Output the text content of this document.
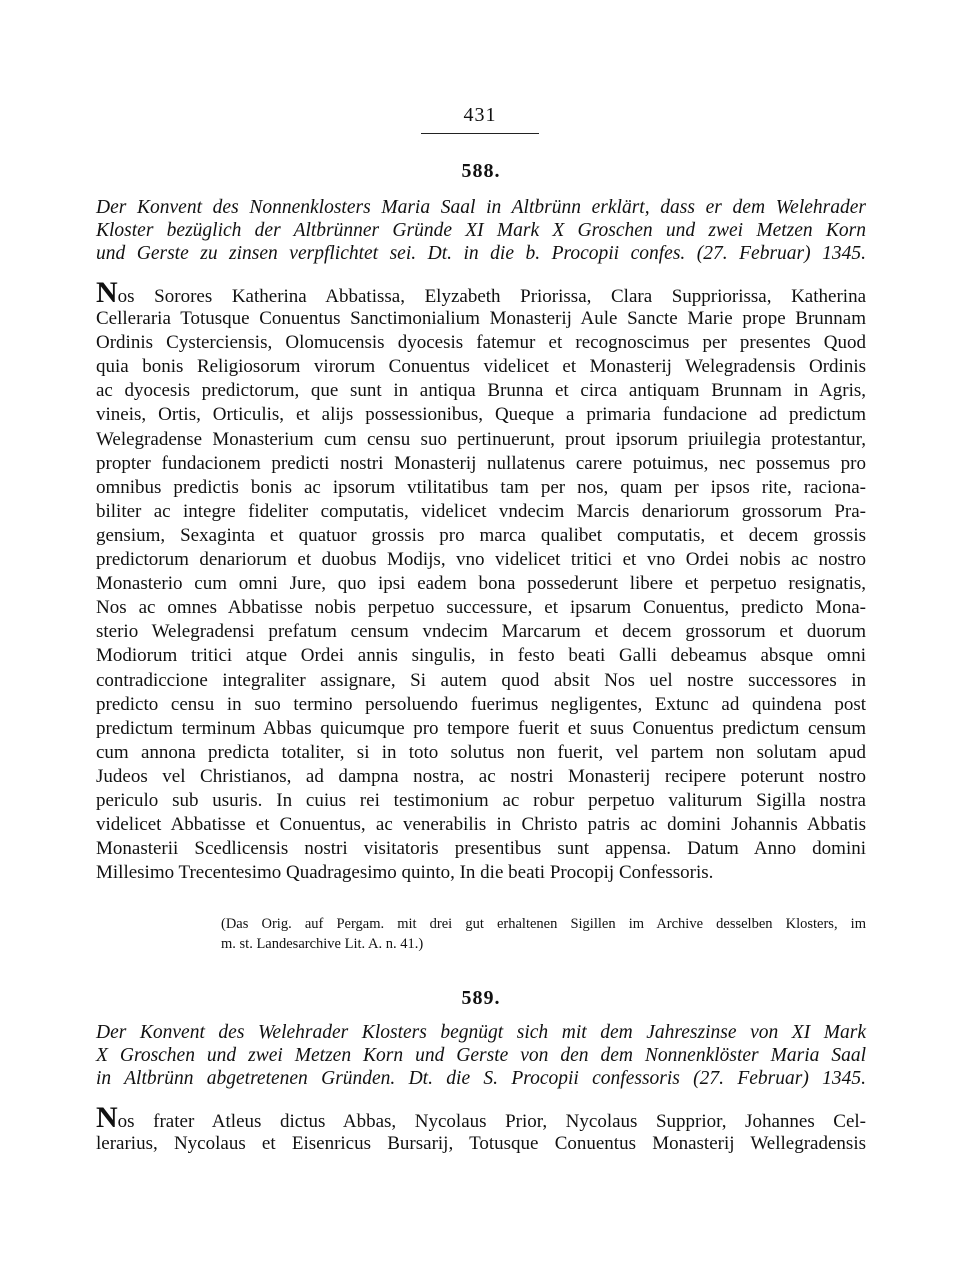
431
588.
Der Konvent des Nonnenklosters Maria Saal in Altbrünn erklärt, dass er dem Welehrader
Kloster bezüglich der Altbrünner Gründe XI Mark X Groschen und zwei Metzen Korn
und Gerste zu zinsen verpflichtet sei. Dt. in die b. Procopii confes. (27. Februar) 1345.
Nos Sorores Katherina Abbatissa, Elyzabeth Priorissa, Clara Suppriorissa, Katherina
Celleraria Totusque Conuentus Sanctimonialium Monasterij Aule Sancte Marie prope Brunnam
Ordinis Cysterciensis, Olomucensis dyocesis fatemur et recognoscimus per presentes Quod
quia bonis Religiosorum virorum Conuentus videlicet et Monasterij Welegradensis Ordinis
ac dyocesis predictorum, que sunt in antiqua Brunna et circa antiquam Brunnam in Agris,
vineis, Ortis, Orticulis, et alijs possessionibus, Queque a primaria fundacione ad predictum
Welegradense Monasterium cum censu suo pertinuerunt, prout ipsorum priuilegia protestantur,
propter fundacionem predicti nostri Monasterij nullatenus carere potuimus, nec possemus pro
omnibus predictis bonis ac ipsorum vtilitatibus tam per nos, quam per ipsos rite, raciona-
biliter ac integre fideliter computatis, videlicet vndecim Marcis denariorum grossorum Pra-
gensium, Sexaginta et quatuor grossis pro marca qualibet computatis, et decem grossis
predictorum denariorum et duobus Modijs, vno videlicet tritici et vno Ordei nobis ac nostro
Monasterio cum omni Jure, quo ipsi eadem bona possederunt libere et perpetuo resignatis,
Nos ac omnes Abbatisse nobis perpetuo successure, et ipsarum Conuentus, predicto Mona-
sterio Welegradensi prefatum censum vndecim Marcarum et decem grossorum et duorum
Modiorum tritici atque Ordei annis singulis, in festo beati Galli debeamus absque omni
contradiccione integraliter assignare, Si autem quod absit Nos uel nostre successores in
predicto censu in suo termino persoluendo fuerimus negligentes, Extunc ad quindena post
predictum terminum Abbas quicumque pro tempore fuerit et suus Conuentus predictum censum
cum annona predicta totaliter, si in toto solutus non fuerit, vel partem non solutam apud
Judeos vel Christianos, ad dampna nostra, ac nostri Monasterij recipere poterunt nostro
periculo sub usuris. In cuius rei testimonium ac robur perpetuo valiturum Sigilla nostra
videlicet Abbatisse et Conuentus, ac venerabilis in Christo patris ac domini Johannis Abbatis
Monasterii Scedlicensis nostri visitatoris presentibus sunt appensa. Datum Anno domini
Millesimo Trecentesimo Quadragesimo quinto, In die beati Procopij Confessoris.
(Das Orig. auf Pergam. mit drei gut erhaltenen Sigillen im Archive desselben Klosters, im
m. st. Landesarchive Lit. A. n. 41.)
589.
Der Konvent des Welehrader Klosters begnügt sich mit dem Jahreszinse von XI Mark
X Groschen und zwei Metzen Korn und Gerste von den dem Nonnenklöster Maria Saal
in Altbrünn abgetretenen Gründen. Dt. die S. Procopii confessoris (27. Februar) 1345.
Nos frater Atleus dictus Abbas, Nycolaus Prior, Nycolaus Supprior, Johannes Cel-
lerarius, Nycolaus et Eisenricus Bursarij, Totusque Conuentus Monasterij Wellegradensis
